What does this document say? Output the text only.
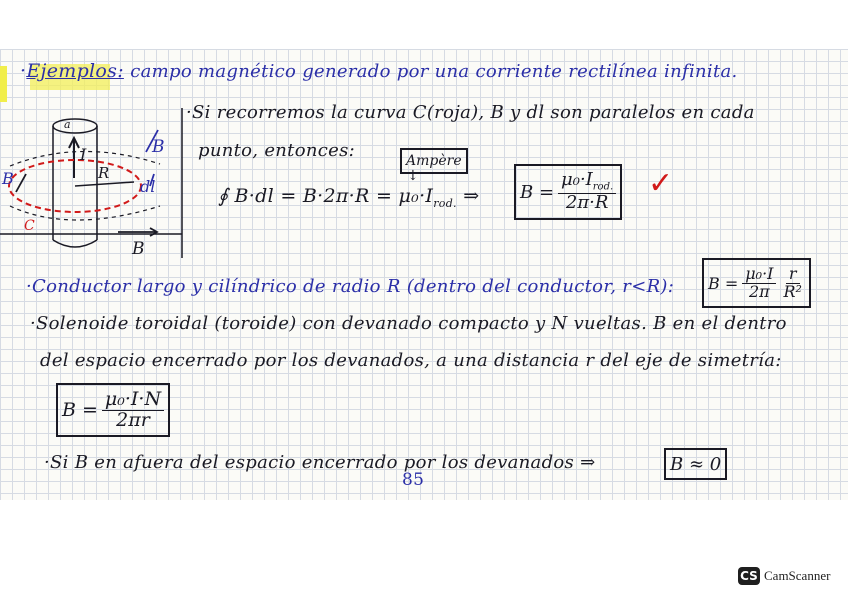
·Ejemplos: campo magnético generado por una corriente rectilínea infinita.
·Si recorremos la curva C(roja), B y dl son paralelos en cada
punto, entonces:	Ampère
↓
∮ $B\cdot dl = B\cdot 2\pi\cdot R = \mu_0\cdot I_{rod.}$ ⇒ $B = \frac{\mu_0\cdot I_{rod.}}{2\pi\cdot R}$ ✓
·Conductor largo y cilíndrico de radio R (dentro del conductor, r<R): $B = \frac{\text{μ₀·I}}{2\pi} \frac{r}{\text{R²}}$
·Solenoide toroidal (toroide) con devanado compacto y N vueltas. B en el dentro
del espacio encerrado por los devanados, a una distancia r del eje de simetría:
$B = \frac{\text{μ₀·I·N}}{2\pi r}$
·Si B en afuera del espacio encerrado por los devanados ⇒	B ≈ 0
85
a
I
R
B
dl
B
C
B
CS CamScanner
